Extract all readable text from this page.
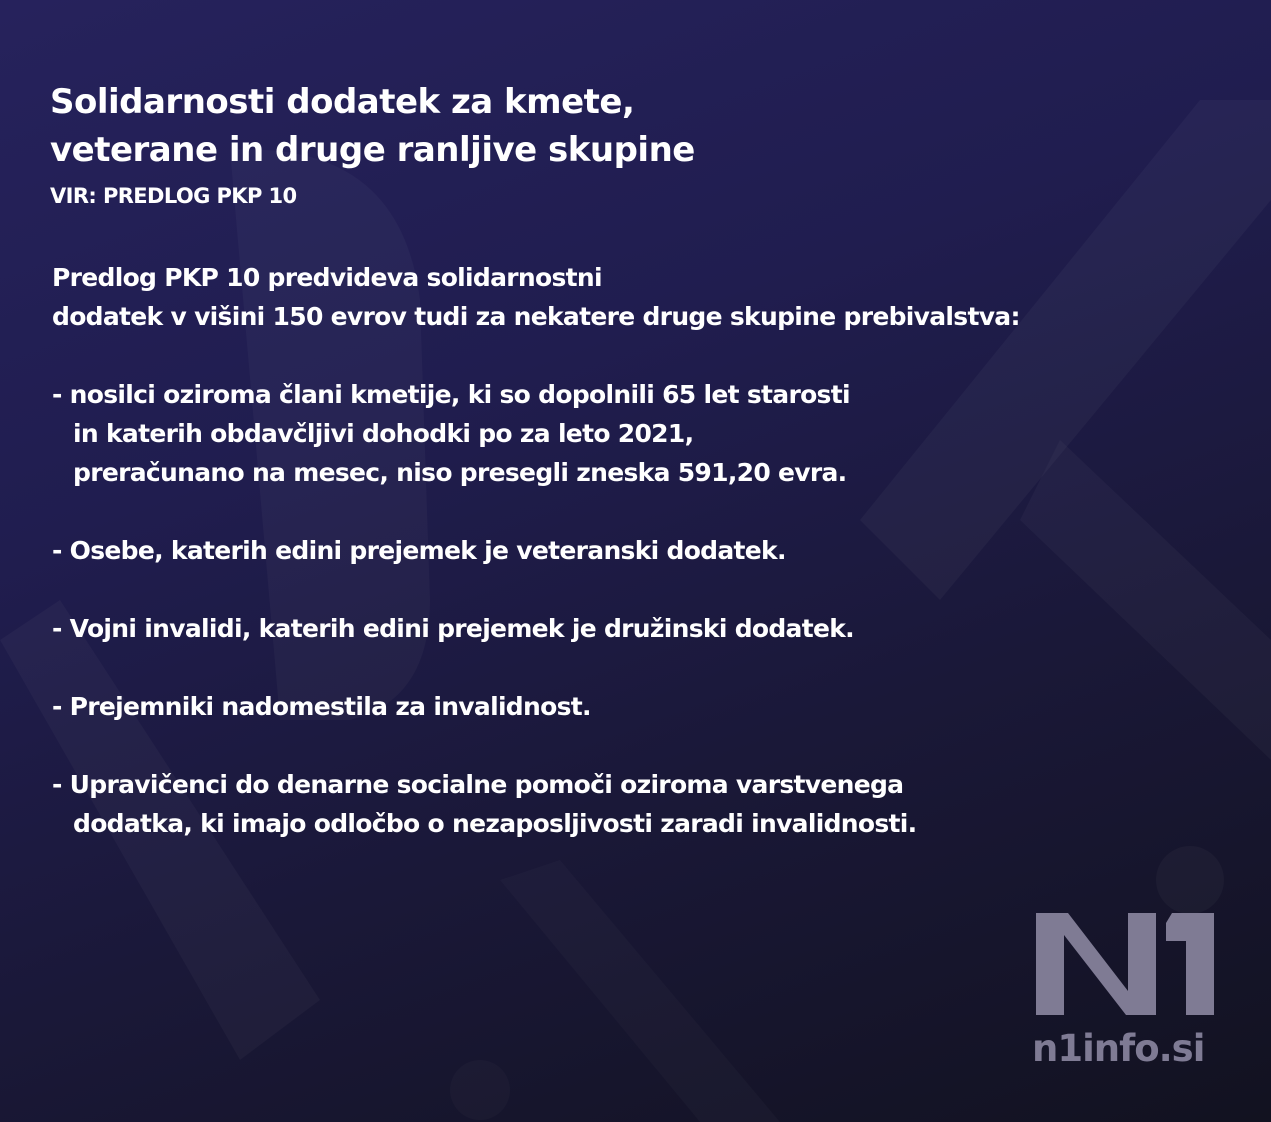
Solidarnosti dodatek za kmete,
veterane in druge ranljive skupine
VIR: PREDLOG PKP 10

Predlog PKP 10 predvideva solidarnostni
dodatek v višini 150 evrov tudi za nekatere druge skupine prebivalstva:

- nosilci oziroma člani kmetije, ki so dopolnili 65 let starosti
in katerih obdavčljivi dohodki po za leto 2021,
preračunano na mesec, niso presegli zneska 591,20 evra.
- Osebe, katerih edini prejemek je veteranski dodatek.
- Vojni invalidi, katerih edini prejemek je družinski dodatek.
- Prejemniki nadomestila za invalidnost.
- Upravičenci do denarne socialne pomoči oziroma varstvenega
dodatka, ki imajo odločbo o nezaposljivosti zaradi invalidnosti.
n1info.si
